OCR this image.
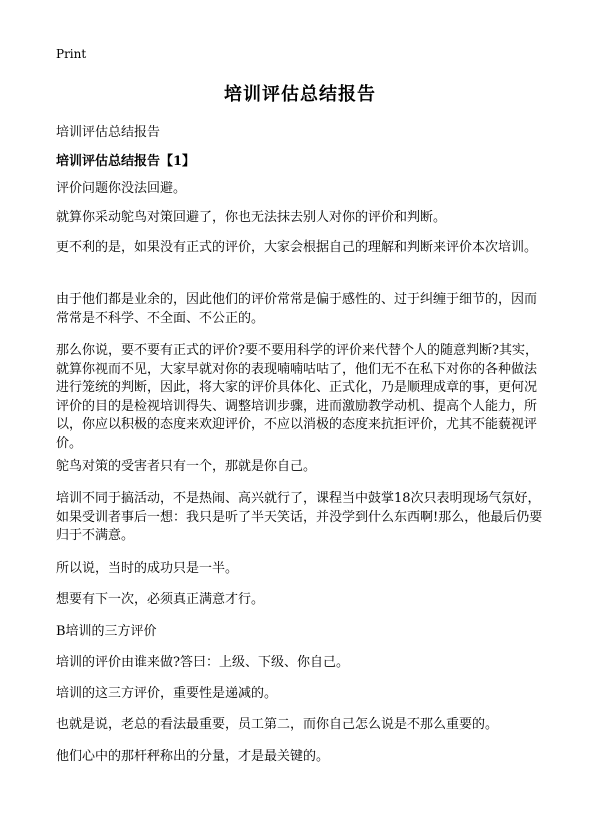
Print
培训评估总结报告
培训评估总结报告
培训评估总结报告【1】

评价问题你没法回避。

就算你采动鸵鸟对策回避了，你也无法抹去别人对你的评价和判断。

更不利的是，如果没有正式的评价，大家会根据自己的理解和判断来评价本次培训。

由于他们都是业余的，因此他们的评价常常是偏于感性的、过于纠缠于细节的，因而常常是不科学、不全面、不公正的。

那么你说，要不要有正式的评价?要不要用科学的评价来代替个人的随意判断?其实，就算你视而不见，大家早就对你的表现喃喃咕咕了，他们无不在私下对你的各种做法进行笼统的判断，因此，将大家的评价具体化、正式化，乃是顺理成章的事，更何况评价的目的是检视培训得失、调整培训步骤，进而激励教学动机、提高个人能力，所以，你应以积极的态度来欢迎评价，不应以消极的态度来抗拒评价，尤其不能藐视评价。

鸵鸟对策的受害者只有一个，那就是你自己。

培训不同于搞活动，不是热闹、高兴就行了，课程当中鼓掌18次只表明现场气氛好，如果受训者事后一想：我只是听了半天笑话，并没学到什么东西啊!那么，他最后仍要归于不满意。

所以说，当时的成功只是一半。

想要有下一次，必须真正满意才行。

B培训的三方评价

培训的评价由谁来做?答曰：上级、下级、你自己。

培训的这三方评价，重要性是递减的。

也就是说，老总的看法最重要，员工第二，而你自己怎么说是不那么重要的。

他们心中的那杆秤称出的分量，才是最关键的。
